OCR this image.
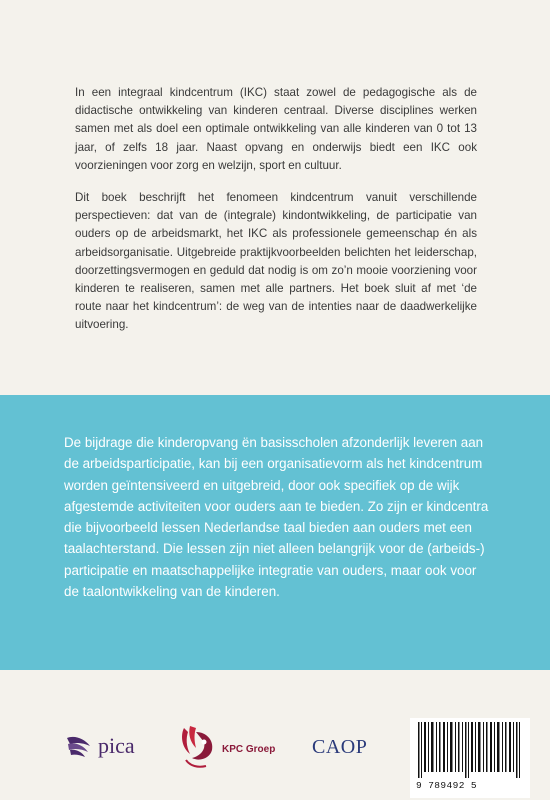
In een integraal kindcentrum (IKC) staat zowel de pedagogische als de didactische ontwikkeling van kinderen centraal. Diverse disciplines werken samen met als doel een optimale ontwikkeling van alle kinderen van 0 tot 13 jaar, of zelfs 18 jaar. Naast opvang en onderwijs biedt een IKC ook voorzieningen voor zorg en welzijn, sport en cultuur.

Dit boek beschrijft het fenomeen kindcentrum vanuit verschillende perspectieven: dat van de (integrale) kindontwikkeling, de participatie van ouders op de arbeidsmarkt, het IKC als professionele gemeenschap én als arbeidsorganisatie. Uitgebreide praktijkvoorbeelden belichten het leiderschap, doorzettingsvermogen en geduld dat nodig is om zo’n mooie voorziening voor kinderen te realiseren, samen met alle partners. Het boek sluit af met ‘de route naar het kindcentrum’: de weg van de intenties naar de daadwerkelijke uitvoering.

De bijdrage die kinderopvang ën basisscholen afzonderlijk leveren aan de arbeidsparticipatie, kan bij een organisatievorm als het kindcentrum worden geïntensiveerd en uitgebreid, door ook specifiek op de wijk afgestemde activiteiten voor ouders aan te bieden. Zo zijn er kindcentra die bijvoorbeeld lessen Nederlandse taal bieden aan ouders met een taalachterstand. Die lessen zijn niet alleen belangrijk voor de (arbeids-) participatie en maatschappelijke integratie van ouders, maar ook voor de taalontwikkeling van de kinderen.

pica	KPC Groep CAOP
9 789492 5
